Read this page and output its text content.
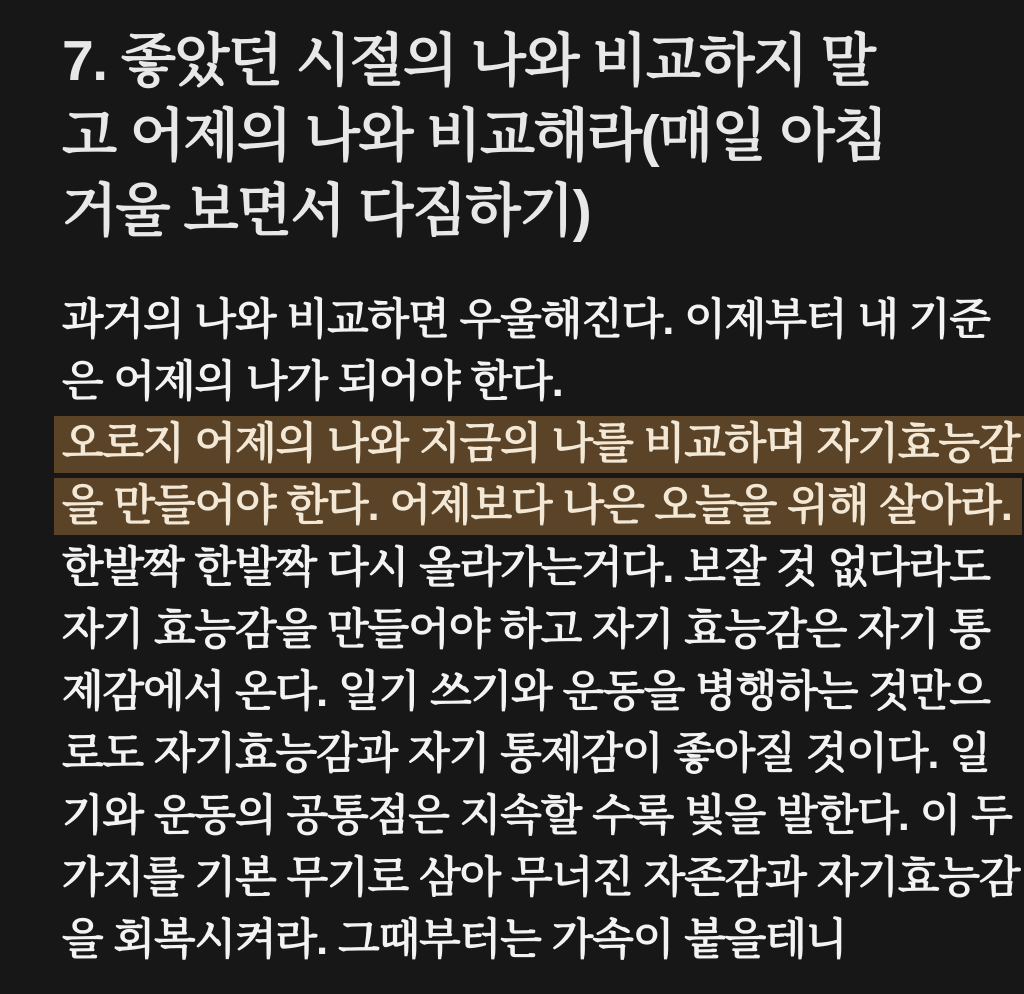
7. 좋았던 시절의 나와 비교하지 말
고 어제의 나와 비교해라(매일 아침
거울 보면서 다짐하기)
과거의 나와 비교하면 우울해진다. 이제부터 내 기준
은 어제의 나가 되어야 한다.
오로지 어제의 나와 지금의 나를 비교하며 자기효능감
을 만들어야 한다. 어제보다 나은 오늘을 위해 살아라.
한발짝 한발짝 다시 올라가는거다. 보잘 것 없다라도
자기 효능감을 만들어야 하고 자기 효능감은 자기 통
제감에서 온다. 일기 쓰기와 운동을 병행하는 것만으
로도 자기효능감과 자기 통제감이 좋아질 것이다. 일
기와 운동의 공통점은 지속할 수록 빛을 발한다. 이 두
가지를 기본 무기로 삼아 무너진 자존감과 자기효능감
을 회복시켜라. 그때부터는 가속이 붙을테니
